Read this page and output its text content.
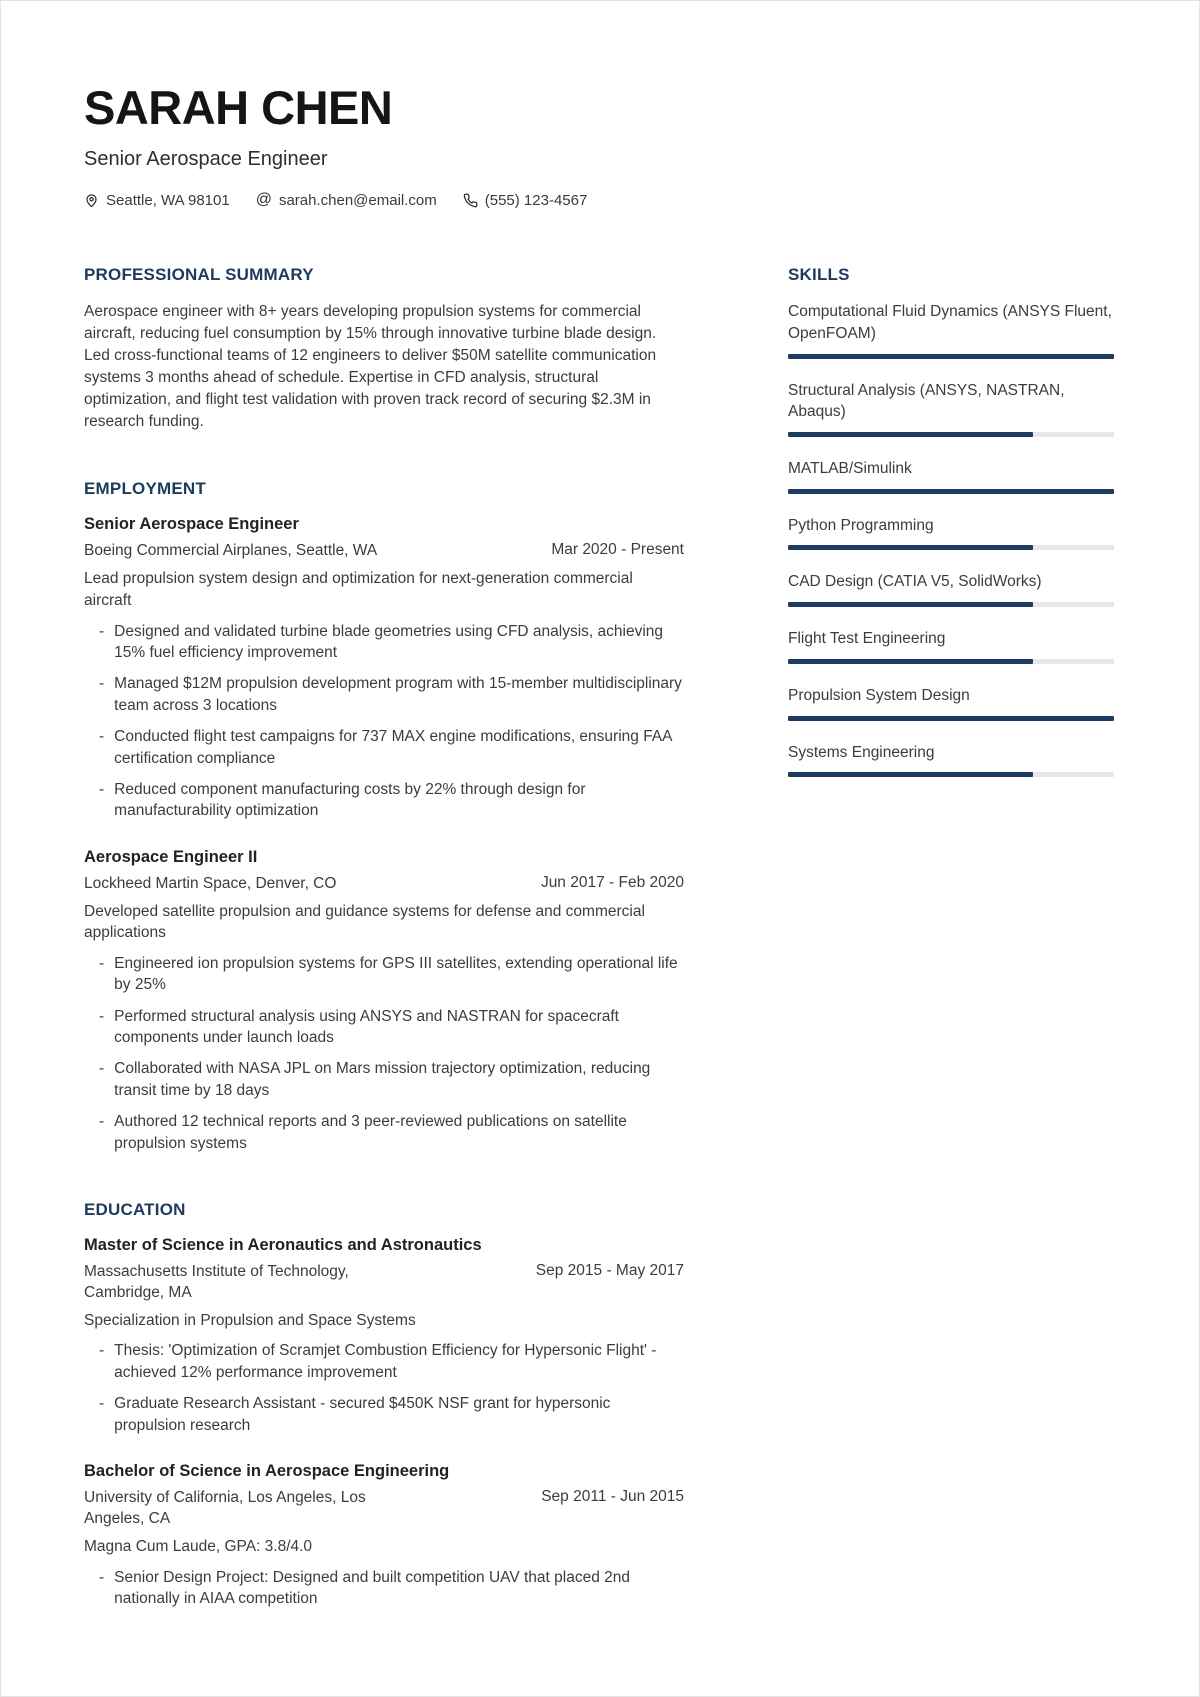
SARAH CHEN
Senior Aerospace Engineer
Seattle, WA 98101 @ sarah.chen@email.com	(555) 123-4567
PROFESSIONAL SUMMARY
Aerospace engineer with 8+ years developing propulsion systems for commercial aircraft, reducing fuel consumption by 15% through innovative turbine blade design. Led cross-functional teams of 12 engineers to deliver $50M satellite communication systems 3 months ahead of schedule. Expertise in CFD analysis, structural optimization, and flight test validation with proven track record of securing $2.3M in research funding.
EMPLOYMENT
Senior Aerospace Engineer
Boeing Commercial Airplanes, Seattle, WA	Mar 2020 - Present
Lead propulsion system design and optimization for next-generation commercial aircraft
- Designed and validated turbine blade geometries using CFD analysis, achieving 15% fuel efficiency improvement
- Managed $12M propulsion development program with 15-member multidisciplinary team across 3 locations
- Conducted flight test campaigns for 737 MAX engine modifications, ensuring FAA certification compliance
- Reduced component manufacturing costs by 22% through design for manufacturability optimization
Aerospace Engineer II
Lockheed Martin Space, Denver, CO	Jun 2017 - Feb 2020
Developed satellite propulsion and guidance systems for defense and commercial applications
- Engineered ion propulsion systems for GPS III satellites, extending operational life by 25%
- Performed structural analysis using ANSYS and NASTRAN for spacecraft components under launch loads
- Collaborated with NASA JPL on Mars mission trajectory optimization, reducing transit time by 18 days
- Authored 12 technical reports and 3 peer-reviewed publications on satellite propulsion systems
EDUCATION
Master of Science in Aeronautics and Astronautics
Massachusetts Institute of Technology, Cambridge, MA
Sep 2015 - May 2017
Specialization in Propulsion and Space Systems
- Thesis: 'Optimization of Scramjet Combustion Efficiency for Hypersonic Flight' - achieved 12% performance improvement
- Graduate Research Assistant - secured $450K NSF grant for hypersonic propulsion research
Bachelor of Science in Aerospace Engineering
University of California, Los Angeles, Los Angeles, CA
Sep 2011 - Jun 2015
Magna Cum Laude, GPA: 3.8/4.0
- Senior Design Project: Designed and built competition UAV that placed 2nd nationally in AIAA competition
SKILLS
Computational Fluid Dynamics (ANSYS Fluent, OpenFOAM)
Structural Analysis (ANSYS, NASTRAN, Abaqus)
MATLAB/Simulink
Python Programming
CAD Design (CATIA V5, SolidWorks)
Flight Test Engineering
Propulsion System Design
Systems Engineering
